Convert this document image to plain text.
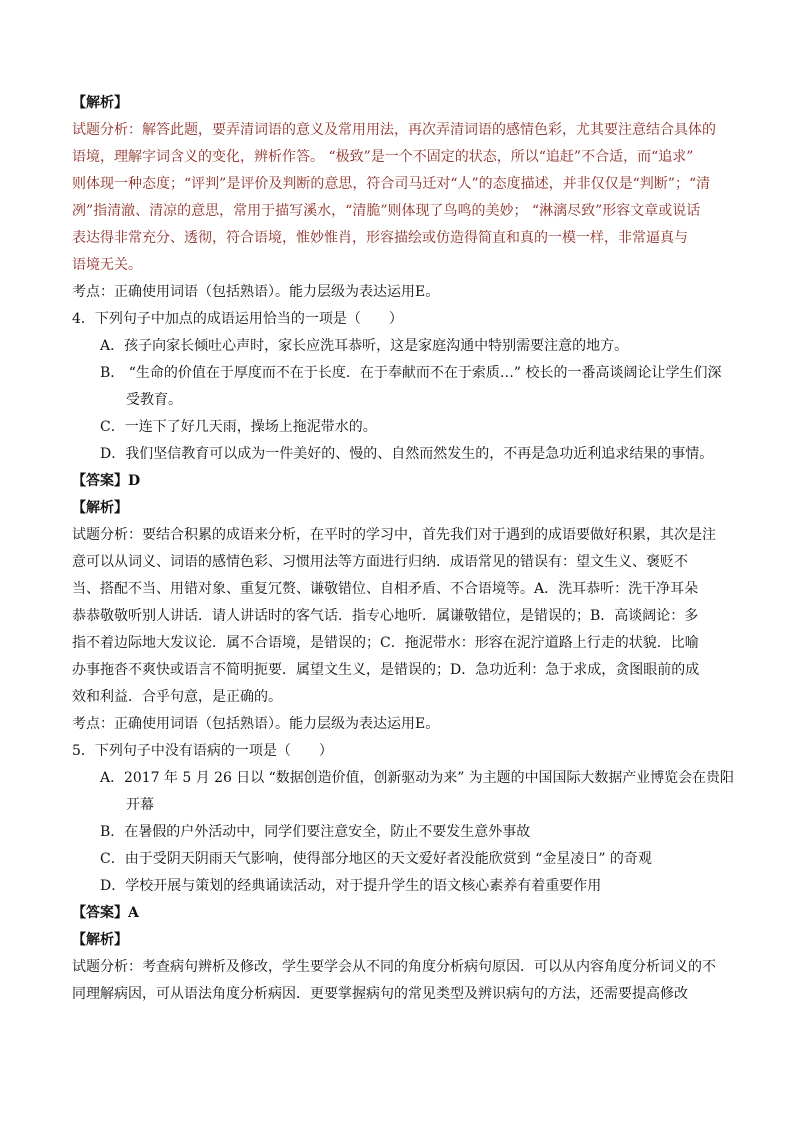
【解析】
试题分析：解答此题，要弄清词语的意义及常用用法，再次弄清词语的感情色彩，尤其要注意结合具体的
语境，理解字词含义的变化，辨析作答。 “极致”是一个不固定的状态，所以“追赶”不合适，而“追求”
则体现一种态度；“评判”是评价及判断的意思，符合司马迁对“人”的态度描述，并非仅仅是“判断”；“清
冽”指清澈、清凉的意思，常用于描写溪水，“清脆”则体现了鸟鸣的美妙； “淋漓尽致”形容文章或说话
表达得非常充分、透彻，符合语境，惟妙惟肖，形容描绘或仿造得简直和真的一模一样，非常逼真与
语境无关。
考点：正确使用词语（包括熟语）。能力层级为表达运用E。
4．下列句子中加点的成语运用恰当的一项是（　　）
A．孩子向家长倾吐心声时，家长应洗耳恭听，这是家庭沟通中特别需要注意的地方。
B． “生命的价值在于厚度而不在于长度．在于奉献而不在于索质…” 校长的一番高谈阔论让学生们深
受教育。
C．一连下了好几天雨，操场上拖泥带水的。
D．我们坚信教育可以成为一件美好的、慢的、自然而然发生的，不再是急功近利追求结果的事情。
【答案】D
【解析】
试题分析：要结合积累的成语来分析，在平时的学习中，首先我们对于遇到的成语要做好积累，其次是注
意可以从词义、词语的感情色彩、习惯用法等方面进行归纳．成语常见的错误有：望文生义、褒贬不
当、搭配不当、用错对象、重复冗赘、谦敬错位、自相矛盾、不合语境等。A．洗耳恭听：洗干净耳朵
恭恭敬敬听别人讲话．请人讲话时的客气话．指专心地听．属谦敬错位，是错误的；B．高谈阔论：多
指不着边际地大发议论．属不合语境，是错误的；C．拖泥带水：形容在泥泞道路上行走的状貌．比喻
办事拖沓不爽快或语言不简明扼要．属望文生义，是错误的；D．急功近利：急于求成，贪图眼前的成
效和利益．合乎句意，是正确的。
考点：正确使用词语（包括熟语）。能力层级为表达运用E。
5．下列句子中没有语病的一项是（　　）
A．2017 年 5 月 26 日以 “数据创造价值，创新驱动为来” 为主题的中国国际大数据产业博览会在贵阳
开幕
B．在暑假的户外活动中，同学们要注意安全，防止不要发生意外事故
C．由于受阴天阴雨天气影响，使得部分地区的天文爱好者没能欣赏到 “金星凌日” 的奇观
D．学校开展与策划的经典诵读活动，对于提升学生的语文核心素养有着重要作用
【答案】A
【解析】
试题分析：考查病句辨析及修改，学生要学会从不同的角度分析病句原因．可以从内容角度分析词义的不
同理解病因，可从语法角度分析病因．更要掌握病句的常见类型及辨识病句的方法，还需要提高修改
